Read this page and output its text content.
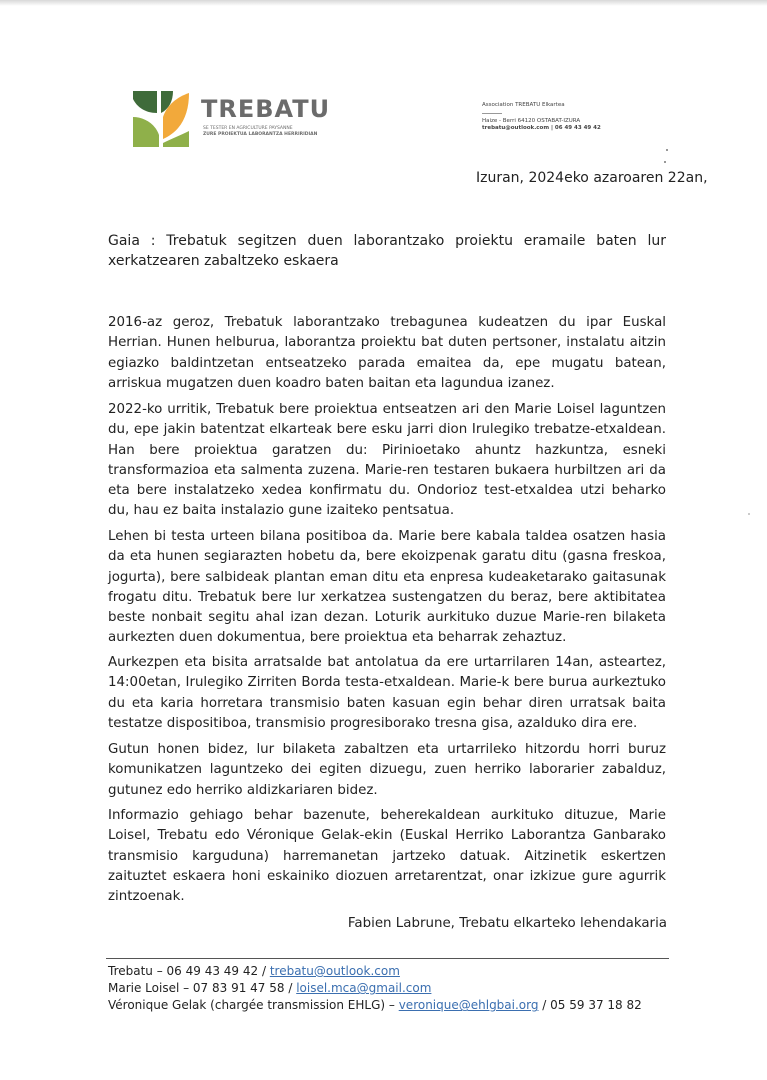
TREBATU
SE TESTER EN AGRICULTURE PAYSANNE
ZURE PROIEKTUA LABORANTZA HERRIRIDIAN
Association TREBATU Elkartea
Haize - Berri 64120 OSTABAT-IZURA
trebatu@outlook.com | 06 49 43 49 42
Izuran, 2024eko azaroaren 22an,
Gaia : Trebatuk segitzen duen laborantzako proiektu eramaile baten lur xerkatzearen zabaltzeko eskaera

2016-az geroz, Trebatuk laborantzako trebagunea kudeatzen du ipar Euskal Herrian. Hunen helburua, laborantza proiektu bat duten pertsoner, instalatu aitzin egiazko baldintzetan entseatzeko parada emaitea da, epe mugatu batean, arriskua mugatzen duen koadro baten baitan eta lagundua izanez.

2022-ko urritik, Trebatuk bere proiektua entseatzen ari den Marie Loisel laguntzen du, epe jakin batentzat elkarteak bere esku jarri dion Irulegiko trebatze-etxaldean. Han bere proiektua garatzen du: Pirinioetako ahuntz hazkuntza, esneki transformazioa eta salmenta zuzena. Marie-ren testaren bukaera hurbiltzen ari da eta bere instalatzeko xedea konfirmatu du. Ondorioz test-etxaldea utzi beharko du, hau ez baita instalazio gune izaiteko pentsatua.

Lehen bi testa urteen bilana positiboa da. Marie bere kabala taldea osatzen hasia da eta hunen segiarazten hobetu da, bere ekoizpenak garatu ditu (gasna freskoa, jogurta), bere salbideak plantan eman ditu eta enpresa kudeaketarako gaitasunak frogatu ditu. Trebatuk bere lur xerkatzea sustengatzen du beraz, bere aktibitatea beste nonbait segitu ahal izan dezan. Loturik aurkituko duzue Marie-ren bilaketa aurkezten duen dokumentua, bere proiektua eta beharrak zehaztuz.

Aurkezpen eta bisita arratsalde bat antolatua da ere urtarrilaren 14an, asteartez, 14:00etan, Irulegiko Zirriten Borda testa-etxaldean. Marie-k bere burua aurkeztuko du eta karia horretara transmisio baten kasuan egin behar diren urratsak baita testatze dispositiboa, transmisio progresiborako tresna gisa, azalduko dira ere.

Gutun honen bidez, lur bilaketa zabaltzen eta urtarrileko hitzordu horri buruz komunikatzen laguntzeko dei egiten dizuegu, zuen herriko laborarier zabalduz, gutunez edo herriko aldizkariaren bidez.

Informazio gehiago behar bazenute, beherekaldean aurkituko dituzue, Marie Loisel, Trebatu edo Véronique Gelak-ekin (Euskal Herriko Laborantza Ganbarako transmisio karguduna) harremanetan jartzeko datuak. Aitzinetik eskertzen zaituztet eskaera honi eskainiko diozuen arretarentzat, onar izkizue gure agurrik zintzoenak.

Fabien Labrune, Trebatu elkarteko lehendakaria
Trebatu – 06 49 43 49 42 / trebatu@outlook.com
Marie Loisel – 07 83 91 47 58 / loisel.mca@gmail.com
Véronique Gelak (chargée transmission EHLG) – veronique@ehlgbai.org / 05 59 37 18 82
